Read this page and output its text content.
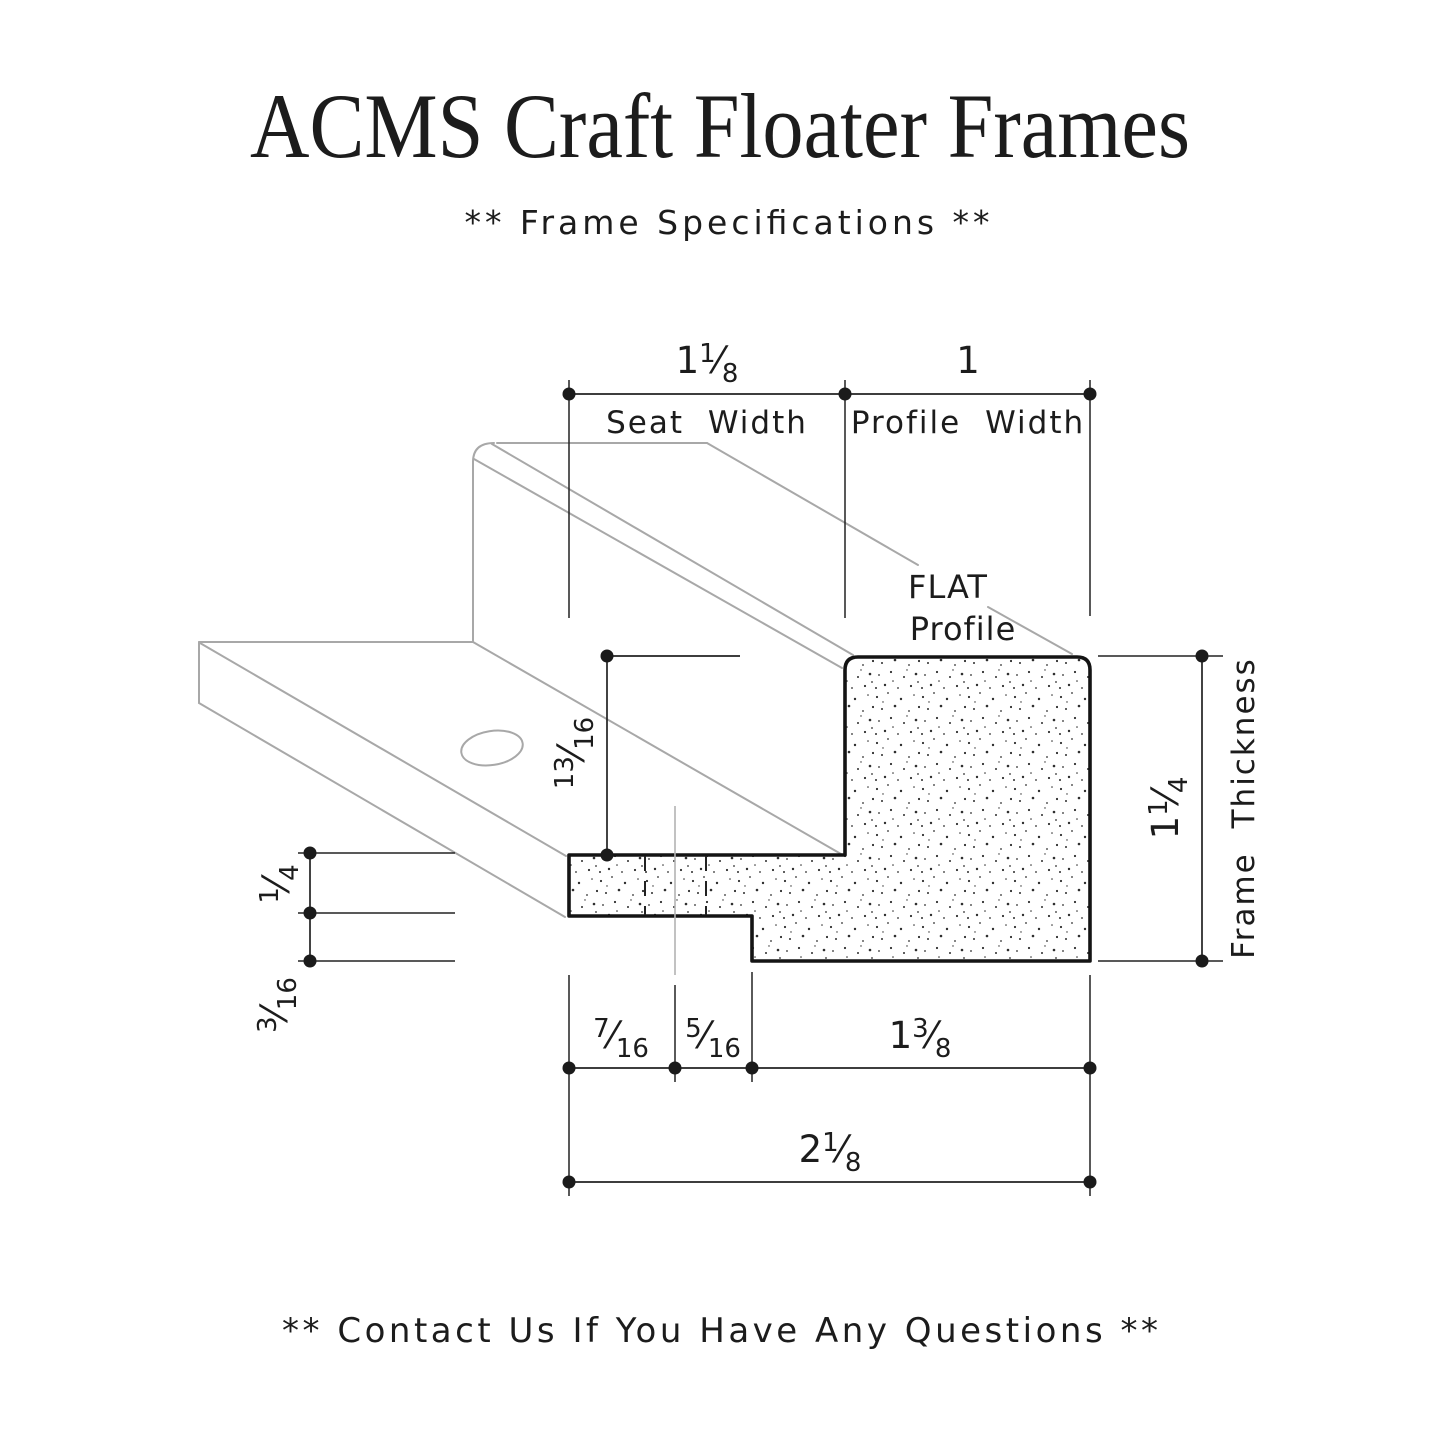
ACMS Craft Floater Frames
** Frame Specifications **
FLAT
Profile
$1^1⁄_8$
Seat Width
1
Profile Width
$^{13}⁄_{16}$
$^1⁄_4$
$^3⁄_{16}$
$1^1⁄_4$ Frame Thickness
$^7⁄_{16}$
$^5⁄_{16}$	$1^3⁄_8$
$2^1⁄_8$
** Contact Us If You Have Any Questions **
